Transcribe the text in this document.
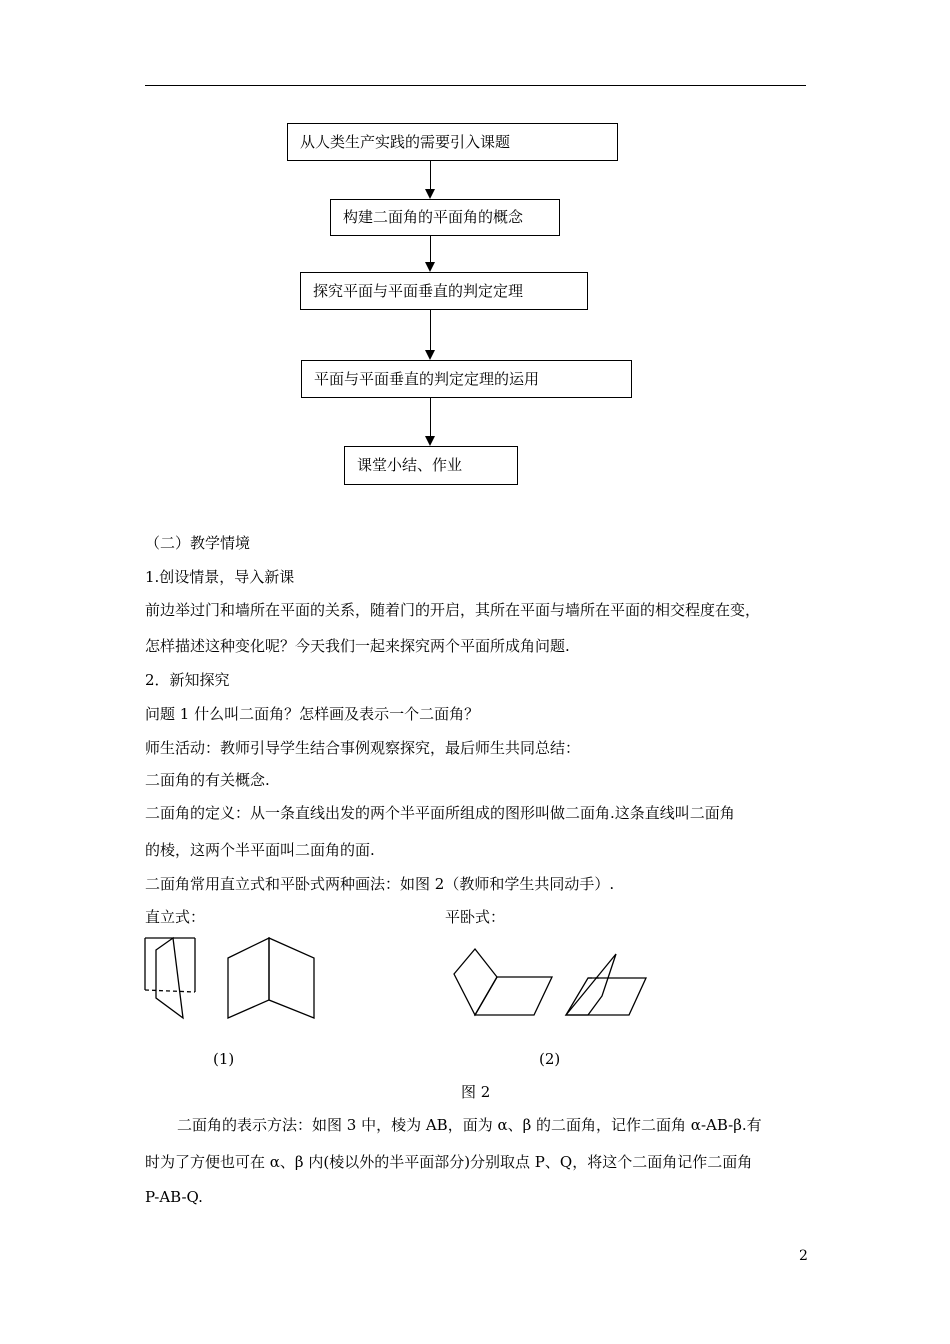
从人类生产实践的需要引入课题
构建二面角的平面角的概念
探究平面与平面垂直的判定定理
平面与平面垂直的判定定理的运用
课堂小结、作业
（二）教学情境
1.创设情景，导入新课
前边举过门和墙所在平面的关系，随着门的开启，其所在平面与墙所在平面的相交程度在变，
怎样描述这种变化呢？今天我们一起来探究两个平面所成角问题.
2．新知探究
问题 1 什么叫二面角？怎样画及表示一个二面角？
师生活动：教师引导学生结合事例观察探究，最后师生共同总结：
二面角的有关概念.
二面角的定义：从一条直线出发的两个半平面所组成的图形叫做二面角.这条直线叫二面角
的棱，这两个半平面叫二面角的面.
二面角常用直立式和平卧式两种画法：如图 2（教师和学生共同动手）.
直立式：	平卧式：
(1)	(2)
图 2
二面角的表示方法：如图 3 中，棱为 AB，面为 α、β 的二面角，记作二面角 α-AB-β.有
时为了方便也可在 α、β 内(棱以外的半平面部分)分别取点 P、Q，将这个二面角记作二面角
P-AB-Q.
2
